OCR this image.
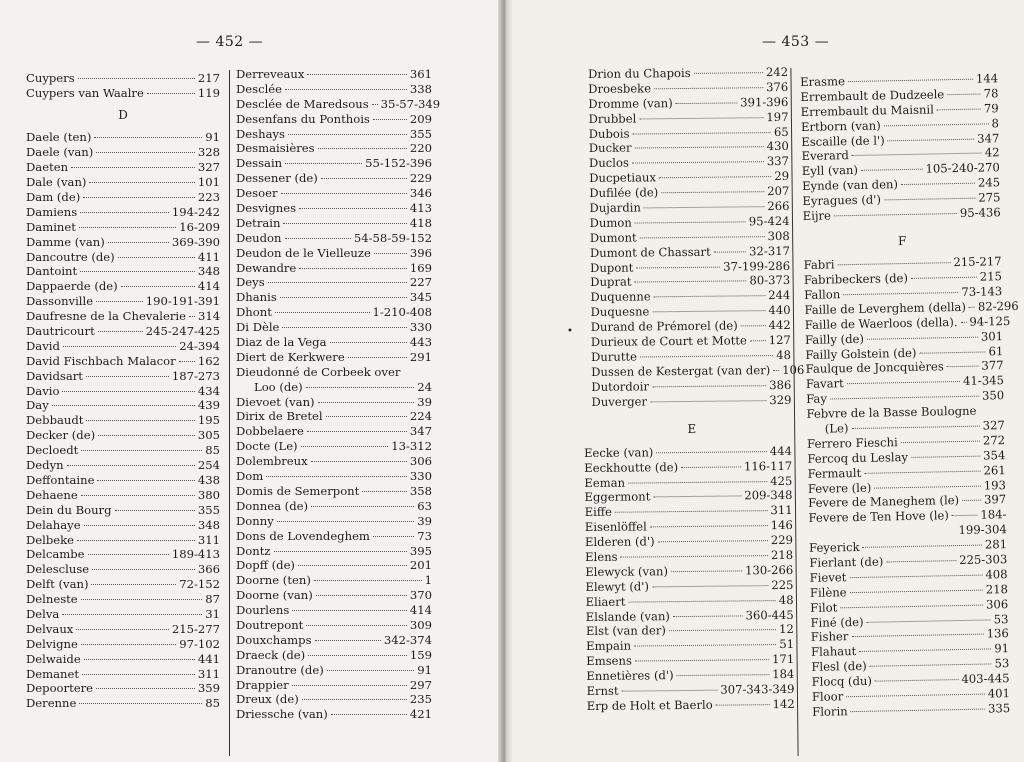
— 452 —	— 453 —
•
Cuypers	217
Cuypers van Waalre	119
D
Daele (ten)	91
Daele (van)	328
Daeten	327
Dale (van)	101
Dam (de)	223
Damiens	194-242
Daminet	16-209
Damme (van)	369-390
Dancoutre (de)	411
Dantoint	348
Dappaerde (de)	414
Dassonville	190-191-391
Daufresne de la Chevalerie 314
Dautricourt	245-247-425
David	24-394
David Fischbach Malacor 162
Davidsart	187-273
Davio	434
Day	439
Debbaudt	195
Decker (de)	305
Decloedt	85
Dedyn	254
Deffontaine	438
Dehaene	380
Dein du Bourg	355
Delahaye	348
Delbeke	311
Delcambe	189-413
Delescluse	366
Delft (van)	72-152
Delneste	87
Delva	31
Delvaux	215-277
Delvigne	97-102
Delwaide	441
Demanet	311
Depoortere	359
Derenne	85
Derreveaux	361
Desclée	338
Desclée de Maredsous 35-57-349
Desenfans du Ponthois	209
Deshays	355
Desmaisières	220
Dessain	55-152-396
Dessener (de)	229
Desoer	346
Desvignes	413
Detrain	418
Deudon	54-58-59-152
Deudon de le Vielleuze	396
Dewandre	169
Deys	227
Dhanis	345
Dhont	1-210-408
Di Dèle	330
Diaz de la Vega	443
Diert de Kerkwere	291
Dieudonné de Corbeek over
Loo (de)	24
Dievoet (van)	39
Dirix de Bretel	224
Dobbelaere	347
Docte (Le)	13-312
Dolembreux	306
Dom	330
Domis de Semerpont	358
Donnea (de)	63
Donny	39
Dons de Lovendeghem	73
Dontz	395
Dopff (de)	201
Doorne (ten)	1
Doorne (van)	370
Dourlens	414
Doutrepont	309
Douxchamps	342-374
Draeck (de)	159
Dranoutre (de)	91
Drappier	297
Dreux (de)	235
Driessche (van)	421
Drion du Chapois	242
Droesbeke	376
Dromme (van)	391-396
Drubbel	197
Dubois	65
Ducker	430
Duclos	337
Ducpetiaux	29
Dufilée (de)	207
Dujardin	266
Dumon	95-424
Dumont	308
Dumont de Chassart	32-317
Dupont	37-199-286
Duprat	80-373
Duquenne	244
Duquesne	440
Durand de Prémorel (de)	442
Durieux de Court et Motte 127
Durutte	48
Dussen de Kestergat (van der) 106
Dutordoir	386
Duverger	329
E
Eecke (van)	444
Eeckhoutte (de)	116-117
Eeman	425
Eggermont	209-348
Eiffe	311
Eisenlöffel	146
Elderen (d')	229
Elens	218
Elewyck (van)	130-266
Elewyt (d')	225
Eliaert	48
Elslande (van)	360-445
Elst (van der)	12
Empain	51
Emsens	171
Ennetières (d')	184
Ernst	307-343-349
Erp de Holt et Baerlo	142
Erasme	144
Errembault de Dudzeele	78
Errembault du Maisnil	79
Ertborn (van)	8
Escaille (de l')	347
Everard	42
Eyll (van)	105-240-270
Eynde (van den)	245
Eyragues (d')	275
Eijre	95-436
F
Fabri	215-217
Fabribeckers (de)	215
Fallon	73-143
Faille de Leverghem (della) 82-296
Faille de Waerloos (della). 94-125
Failly (de)	301
Failly Golstein (de)	61
Faulque de Joncquières	377
Favart	41-345
Fay	350
Febvre de la Basse Boulogne
(Le)	327
Ferrero Fieschi	272
Fercoq du Leslay	354
Fermault	261
Fevere (le)	193
Fevere de Maneghem (le) 397
Fevere de Ten Hove (le)	184-
199-304
Feyerick	281
Fierlant (de)	225-303
Fievet	408
Filène	218
Filot	306
Finé (de)	53
Fisher	136
Flahaut	91
Flesl (de)	53
Flocq (du)	403-445
Floor	401
Florin	335
